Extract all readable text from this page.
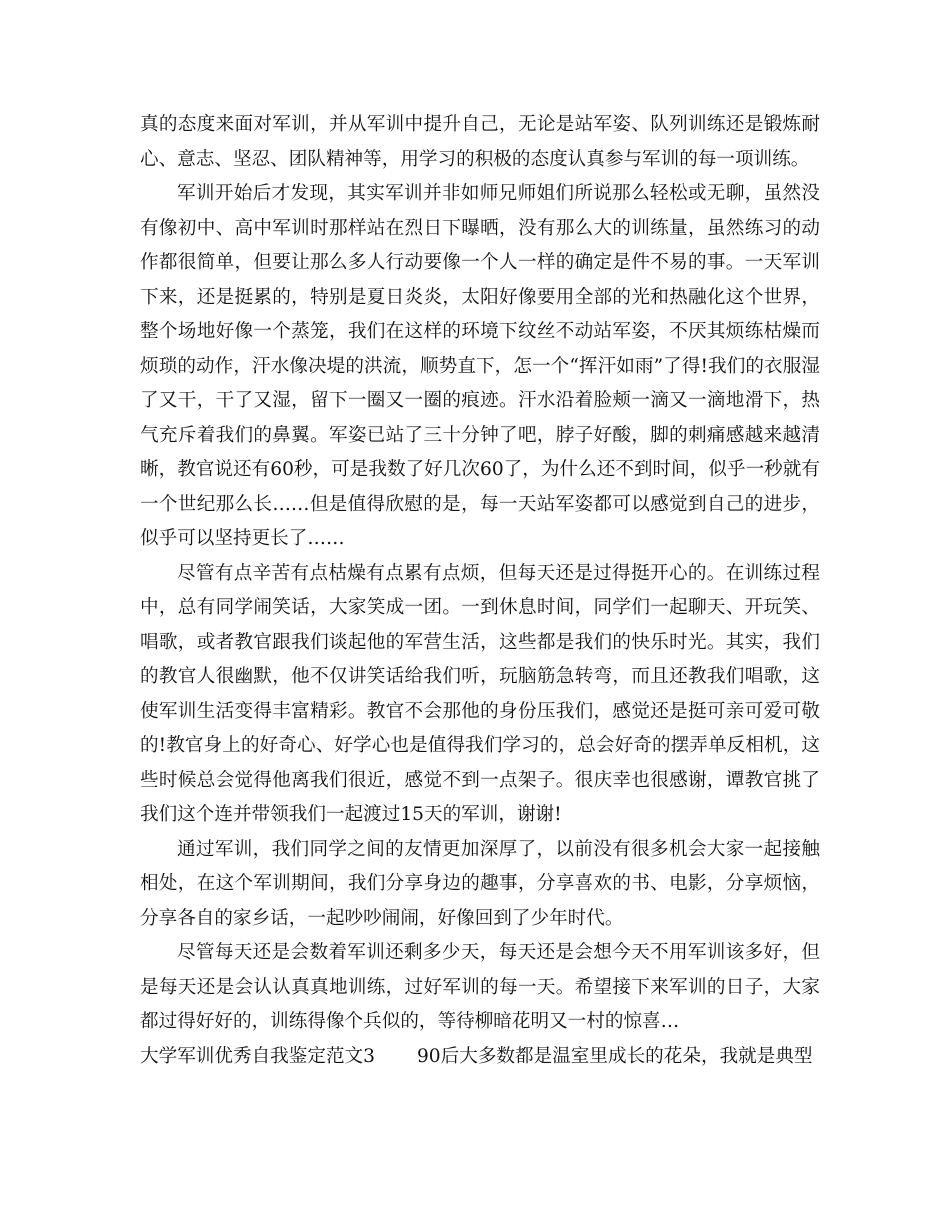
真的态度来面对军训，并从军训中提升自己，无论是站军姿、队列训练还是锻炼耐心、意志、坚忍、团队精神等，用学习的积极的态度认真参与军训的每一项训练。

军训开始后才发现，其实军训并非如师兄师姐们所说那么轻松或无聊，虽然没有像初中、高中军训时那样站在烈日下曝晒，没有那么大的训练量，虽然练习的动作都很简单，但要让那么多人行动要像一个人一样的确定是件不易的事。一天军训下来，还是挺累的，特别是夏日炎炎，太阳好像要用全部的光和热融化这个世界，整个场地好像一个蒸笼，我们在这样的环境下纹丝不动站军姿，不厌其烦练枯燥而烦琐的动作，汗水像决堤的洪流，顺势直下，怎一个“挥汗如雨”了得!我们的衣服湿了又干，干了又湿，留下一圈又一圈的痕迹。汗水沿着脸颊一滴又一滴地滑下，热气充斥着我们的鼻翼。军姿已站了三十分钟了吧，脖子好酸，脚的刺痛感越来越清晰，教官说还有60秒，可是我数了好几次60了，为什么还不到时间，似乎一秒就有一个世纪那么长……但是值得欣慰的是，每一天站军姿都可以感觉到自己的进步，似乎可以坚持更长了……

尽管有点辛苦有点枯燥有点累有点烦，但每天还是过得挺开心的。在训练过程中，总有同学闹笑话，大家笑成一团。一到休息时间，同学们一起聊天、开玩笑、唱歌，或者教官跟我们谈起他的军营生活，这些都是我们的快乐时光。其实，我们的教官人很幽默，他不仅讲笑话给我们听，玩脑筋急转弯，而且还教我们唱歌，这使军训生活变得丰富精彩。教官不会那他的身份压我们，感觉还是挺可亲可爱可敬的!教官身上的好奇心、好学心也是值得我们学习的，总会好奇的摆弄单反相机，这些时候总会觉得他离我们很近，感觉不到一点架子。很庆幸也很感谢，谭教官挑了我们这个连并带领我们一起渡过15天的军训，谢谢!

通过军训，我们同学之间的友情更加深厚了，以前没有很多机会大家一起接触相处，在这个军训期间，我们分享身边的趣事，分享喜欢的书、电影，分享烦恼，分享各自的家乡话，一起吵吵闹闹，好像回到了少年时代。

尽管每天还是会数着军训还剩多少天，每天还是会想今天不用军训该多好，但是每天还是会认认真真地训练，过好军训的每一天。希望接下来军训的日子，大家都过得好好的，训练得像个兵似的，等待柳暗花明又一村的惊喜…

大学军训优秀自我鉴定范文3 90后大多数都是温室里成长的花朵，我就是典型
